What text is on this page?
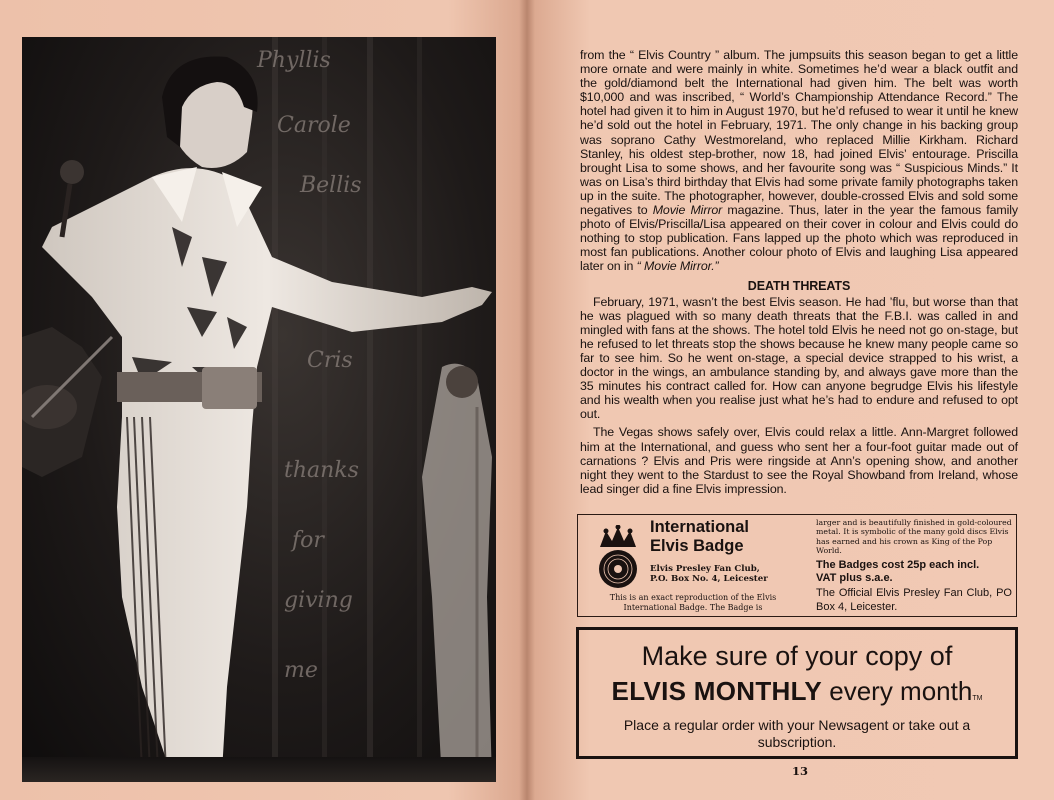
Phyllis
Carole
Bellis
Cris
thanks
for
giving
me

from the “ Elvis Country ” album. The jumpsuits this season began to get a little more ornate and were mainly in white. Sometimes he’d wear a black outfit and the gold/diamond belt the International had given him. The belt was worth $10,000 and was inscribed, “ World’s Championship Attendance Record.” The hotel had given it to him in August 1970, but he’d refused to wear it until he knew he’d sold out the hotel in February, 1971. The only change in his backing group was soprano Cathy Westmoreland, who replaced Millie Kirkham. Richard Stanley, his oldest step-brother, now 18, had joined Elvis’ entourage. Priscilla brought Lisa to some shows, and her favourite song was “ Suspicious Minds.” It was on Lisa’s third birthday that Elvis had some private family photographs taken up in the suite. The photographer, however, double-crossed Elvis and sold some negatives to Movie Mirror magazine. Thus, later in the year the famous family photo of Elvis/Priscilla/Lisa appeared on their cover in colour and Elvis could do nothing to stop publication. Fans lapped up the photo which was reproduced in most fan publications. Another colour photo of Elvis and laughing Lisa appeared later on in “ Movie Mirror.”

DEATH THREATS

February, 1971, wasn’t the best Elvis season. He had ’flu, but worse than that he was plagued with so many death threats that the F.B.I. was called in and mingled with fans at the shows. The hotel told Elvis he need not go on-stage, but he refused to let threats stop the shows because he knew many people came so far to see him. So he went on-stage, a special device strapped to his wrist, a doctor in the wings, an ambulance standing by, and always gave more than the 35 minutes his contract called for. How can anyone begrudge Elvis his lifestyle and his wealth when you realise just what he’s had to endure and refused to opt out.

The Vegas shows safely over, Elvis could relax a little. Ann-Margret followed him at the International, and guess who sent her a four-foot guitar made out of carnations ? Elvis and Pris were ringside at Ann’s opening show, and another night they went to the Stardust to see the Royal Showband from Ireland, whose lead singer did a fine Elvis impression.

International
Elvis Badge
Elvis Presley Fan Club,
P.O. Box No. 4, Leicester
This is an exact reproduction of the Elvis International Badge. The Badge is
larger and is beautifully finished in gold-coloured metal. It is symbolic of the many gold discs Elvis has earned and his crown as King of the Pop World.
The Badges cost 25p each incl.
VAT plus s.a.e.
The Official Elvis Presley Fan Club, PO Box 4, Leicester.
Make sure of your copy of
ELVIS MONTHLY every monthTM
Place a regular order with your Newsagent or take out a subscription.
13
